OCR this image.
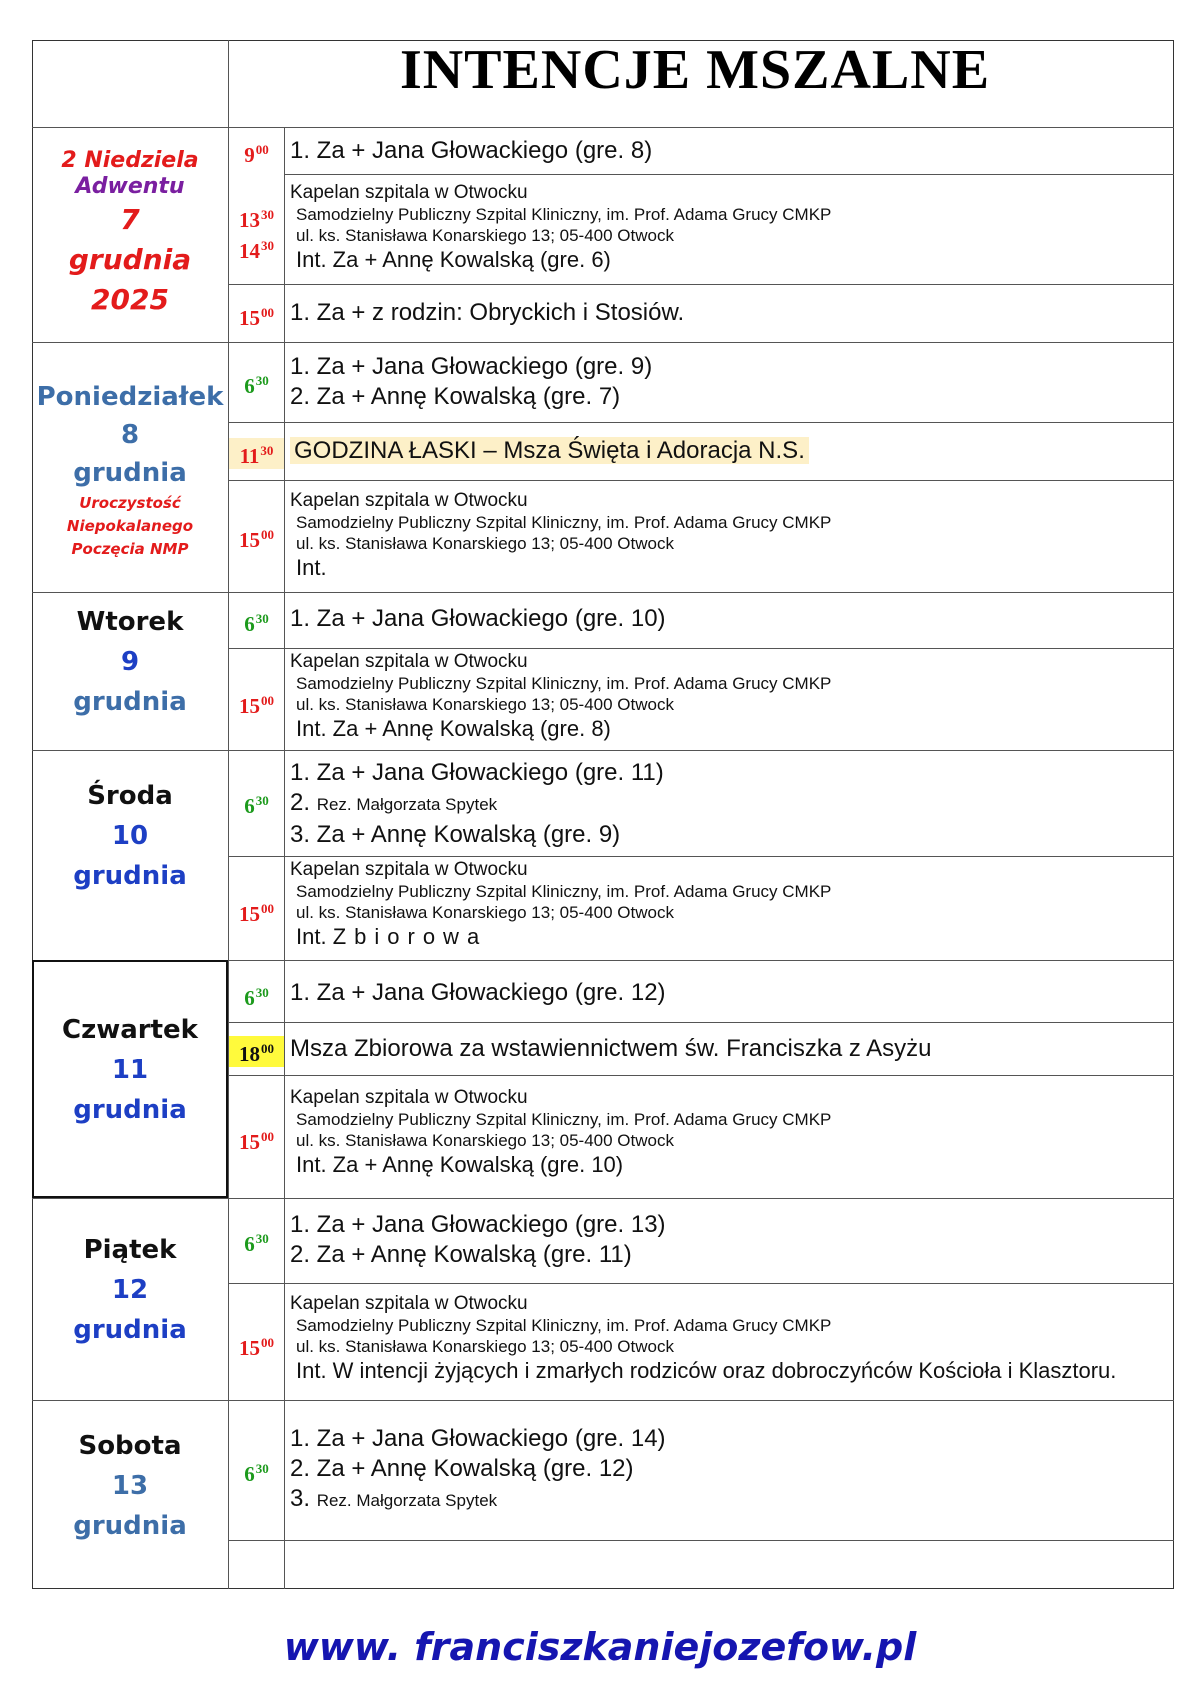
INTENCJE MSZALNE
2 Niedziela
Adwentu
7
grudnia
2025
$9^{00}$ 1. Za + Jana Głowackiego (gre. 8)
$13^{30}$
$14^{30}$
Kapelan szpitala w Otwocku
Samodzielny Publiczny Szpital Kliniczny, im. Prof. Adama Grucy CMKP
ul. ks. Stanisława Konarskiego 13; 05-400 Otwock
Int. Za + Annę Kowalską (gre. 6)
$15^{00}$ 1. Za + z rodzin: Obryckich i Stosiów.
Poniedziałek
8
grudnia
Uroczystość
Niepokalanego
Poczęcia NMP
$6^{30}$
1. Za + Jana Głowackiego (gre. 9)
2. Za + Annę Kowalską (gre. 7)
$11^{30}$ GODZINA ŁASKI – Msza Święta i Adoracja N.S.
$15^{00}$
Kapelan szpitala w Otwocku
Samodzielny Publiczny Szpital Kliniczny, im. Prof. Adama Grucy CMKP
ul. ks. Stanisława Konarskiego 13; 05-400 Otwock
Int.
Wtorek
9
grudnia
$6^{30}$ 1. Za + Jana Głowackiego (gre. 10)
$15^{00}$
Kapelan szpitala w Otwocku
Samodzielny Publiczny Szpital Kliniczny, im. Prof. Adama Grucy CMKP
ul. ks. Stanisława Konarskiego 13; 05-400 Otwock
Int. Za + Annę Kowalską (gre. 8)
Środa
10
grudnia
$6^{30}$
1. Za + Jana Głowackiego (gre. 11)
2. Rez. Małgorzata Spytek
3. Za + Annę Kowalską (gre. 9)
$15^{00}$
Kapelan szpitala w Otwocku
Samodzielny Publiczny Szpital Kliniczny, im. Prof. Adama Grucy CMKP
ul. ks. Stanisława Konarskiego 13; 05-400 Otwock
Int. Zbiorowa
Czwartek
11
grudnia
$6^{30}$ 1. Za + Jana Głowackiego (gre. 12)
$18^{00}$ Msza Zbiorowa za wstawiennictwem św. Franciszka z Asyżu
$15^{00}$
Kapelan szpitala w Otwocku
Samodzielny Publiczny Szpital Kliniczny, im. Prof. Adama Grucy CMKP
ul. ks. Stanisława Konarskiego 13; 05-400 Otwock
Int. Za + Annę Kowalską (gre. 10)
Piątek
12
grudnia
$6^{30}$
1. Za + Jana Głowackiego (gre. 13)
2. Za + Annę Kowalską (gre. 11)
$15^{00}$
Kapelan szpitala w Otwocku
Samodzielny Publiczny Szpital Kliniczny, im. Prof. Adama Grucy CMKP
ul. ks. Stanisława Konarskiego 13; 05-400 Otwock
Int. W intencji żyjących i zmarłych rodziców oraz dobroczyńców Kościoła i Klasztoru.
Sobota
13
grudnia
$6^{30}$
1. Za + Jana Głowackiego (gre. 14)
2. Za + Annę Kowalską (gre. 12)
3. Rez. Małgorzata Spytek
www. franciszkaniejozefow.pl
